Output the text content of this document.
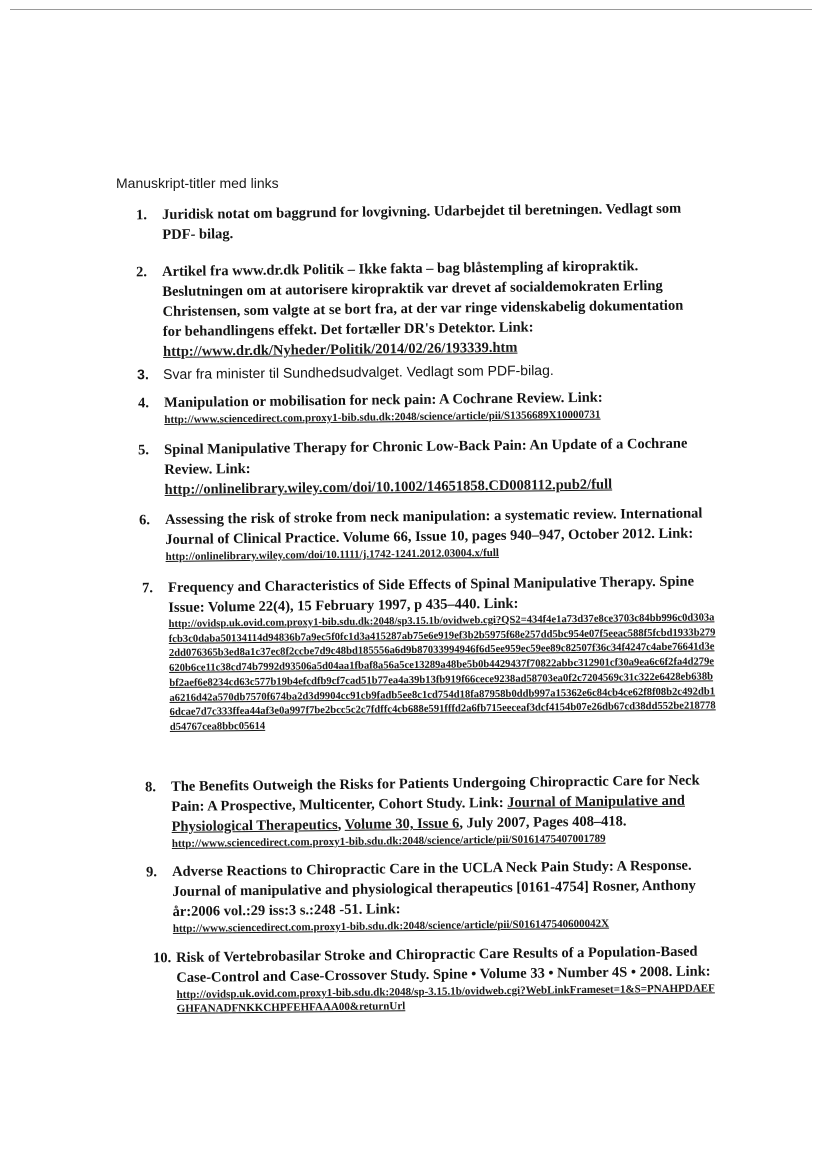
Manuskript-titler med links
1. Juridisk notat om baggrund for lovgivning. Udarbejdet til beretningen. Vedlagt som PDF- bilag.
2. Artikel fra www.dr.dk Politik – Ikke fakta – bag blåstempling af kiropraktik. Beslutningen om at autorisere kiropraktik var drevet af socialdemokraten Erling Christensen, som valgte at se bort fra, at der var ringe videnskabelig dokumentation for behandlingens effekt. Det fortæller DR's Detektor. Link:
http://www.dr.dk/Nyheder/Politik/2014/02/26/193339.htm
3. Svar fra minister til Sundhedsudvalget. Vedlagt som PDF-bilag.
4. Manipulation or mobilisation for neck pain: A Cochrane Review. Link:
http://www.sciencedirect.com.proxy1-bib.sdu.dk:2048/science/article/pii/S1356689X10000731
5. Spinal Manipulative Therapy for Chronic Low-Back Pain: An Update of a Cochrane Review. Link:
http://onlinelibrary.wiley.com/doi/10.1002/14651858.CD008112.pub2/full
6. Assessing the risk of stroke from neck manipulation: a systematic review. International Journal of Clinical Practice. Volume 66, Issue 10, pages 940–947, October 2012. Link:
http://onlinelibrary.wiley.com/doi/10.1111/j.1742-1241.2012.03004.x/full
7. Frequency and Characteristics of Side Effects of Spinal Manipulative Therapy. Spine Issue: Volume 22(4), 15 February 1997, p 435–440. Link:
http://ovidsp.uk.ovid.com.proxy1-bib.sdu.dk:2048/sp3.15.1b/ovidweb.cgi?QS2=434f4e1a73d37e8ce3703c84bb996c0d303afcb3c0daba50134114d94836b7a9ec5f0fc1d3a415287ab75e6e919ef3b2b5975f68e257dd5bc954e07f5eeac588f5fcbd1933b2792dd076365b3ed8a1c37ec8f2ccbe7d9c48bd185556a6d9b87033994946f6d5ee959ec59ee89c82507f36c34f4247c4abe76641d3e620b6ce11c38cd74b7992d93506a5d04aa1fbaf8a56a5ce13289a48be5b0b4429437f70822abbc312901cf30a9ea6c6f2fa4d279ebf2aef6e8234cd63c577b19b4efcdfb9cf7cad51b77ea4a39b13fb919f66cece9238ad58703ea0f2c7204569c31c322e6428eb638ba6216d42a570db7570f674ba2d3d9904cc91cb9fadb5ee8c1cd754d18fa87958b0ddb997a15362e6c84cb4ce62f8f08b2c492db16dcae7d7c333ffea44af3e0a997f7be2bcc5c2c7fdffc4cb688e591fffd2a6fb715eeceaf3dcf4154b07e26db67cd38dd552be218778d54767cea8bbc05614
8. The Benefits Outweigh the Risks for Patients Undergoing Chiropractic Care for Neck Pain: A Prospective, Multicenter, Cohort Study. Link: Journal of Manipulative and Physiological Therapeutics, Volume 30, Issue 6, July 2007, Pages 408–418.
http://www.sciencedirect.com.proxy1-bib.sdu.dk:2048/science/article/pii/S0161475407001789
9. Adverse Reactions to Chiropractic Care in the UCLA Neck Pain Study: A Response. Journal of manipulative and physiological therapeutics [0161-4754] Rosner, Anthony år:2006 vol.:29 iss:3 s.:248 -51. Link:
http://www.sciencedirect.com.proxy1-bib.sdu.dk:2048/science/article/pii/S016147540600042X
10. Risk of Vertebrobasilar Stroke and Chiropractic Care Results of a Population-Based Case-Control and Case-Crossover Study. Spine • Volume 33 • Number 4S • 2008. Link:
http://ovidsp.uk.ovid.com.proxy1-bib.sdu.dk:2048/sp-3.15.1b/ovidweb.cgi?WebLinkFrameset=1&S=PNAHPDAEFGHFANADFNKKCHPFEHFAAA00&returnUrl
